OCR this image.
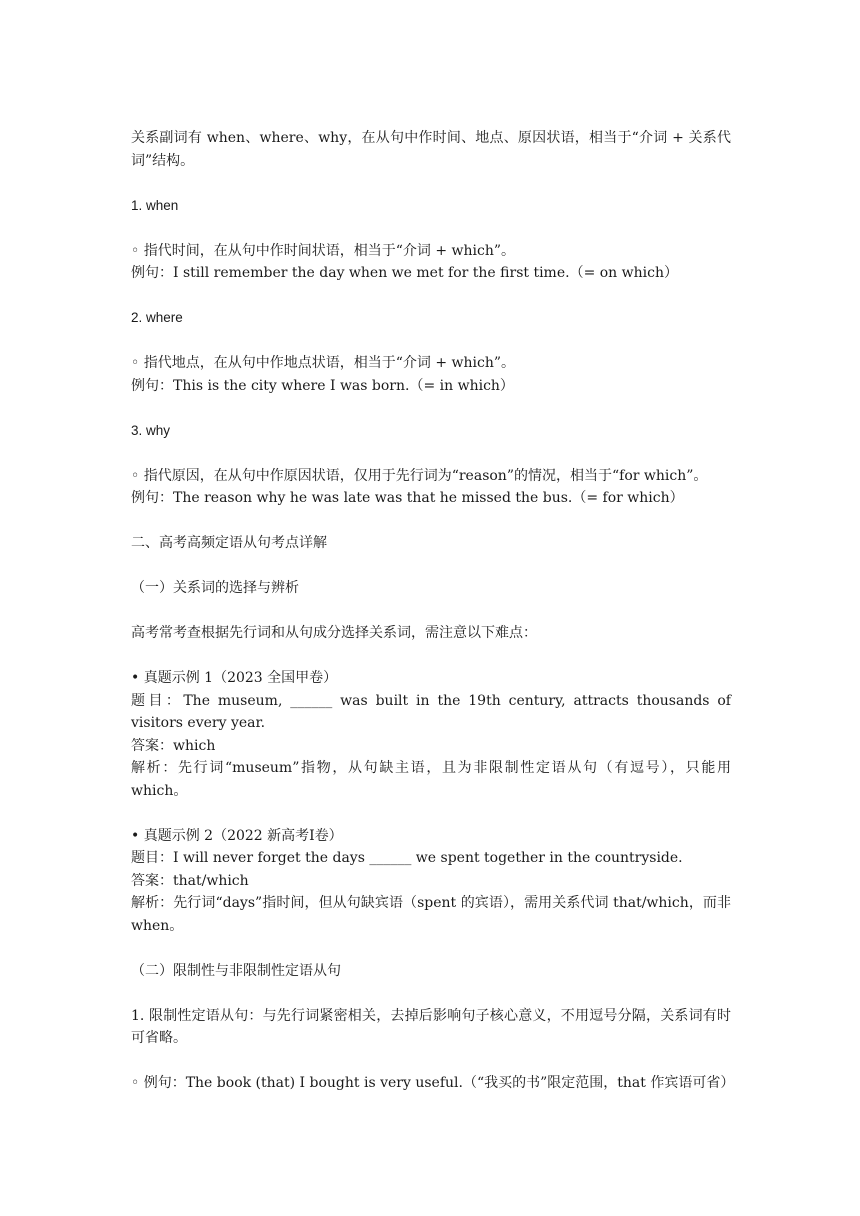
关系副词有 when、where、why，在从句中作时间、地点、原因状语，相当于“介词 + 关系代词”结构。

1. when

◦ 指代时间，在从句中作时间状语，相当于“介词 + which”。

例句：I still remember the day when we met for the first time.（= on which）

2. where

◦ 指代地点，在从句中作地点状语，相当于“介词 + which”。

例句：This is the city where I was born.（= in which）

3. why

◦ 指代原因，在从句中作原因状语，仅用于先行词为“reason”的情况，相当于“for which”。

例句：The reason why he was late was that he missed the bus.（= for which）

二、高考高频定语从句考点详解

（一）关系词的选择与辨析

高考常考查根据先行词和从句成分选择关系词，需注意以下难点：

• 真题示例 1（2023 全国甲卷）

题目：The museum, ______ was built in the 19th century, attracts thousands of visitors every year.

答案：which

解析：先行词“museum”指物，从句缺主语，且为非限制性定语从句（有逗号），只能用 which。

• 真题示例 2（2022 新高考Ⅰ卷）

题目：I will never forget the days ______ we spent together in the countryside.

答案：that/which

解析：先行词“days”指时间，但从句缺宾语（spent 的宾语），需用关系代词 that/which，而非 when。

（二）限制性与非限制性定语从句

1. 限制性定语从句：与先行词紧密相关，去掉后影响句子核心意义，不用逗号分隔，关系词有时可省略。

◦ 例句：The book (that) I bought is very useful.（“我买的书”限定范围，that 作宾语可省）
